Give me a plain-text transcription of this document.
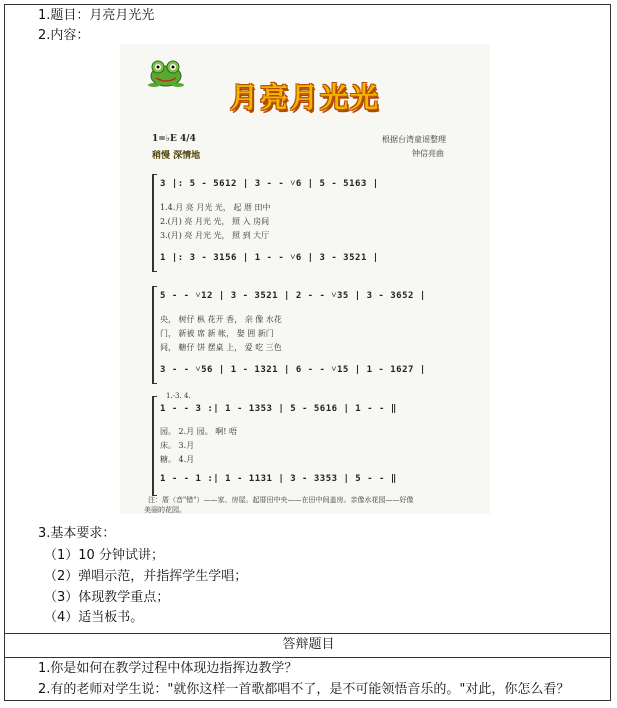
1.题目：月亮月光光
2.内容：
月亮月光光
1=♭E 4/4
稍慢 深情地
根据台湾童谣整理
钟信亮曲
3 |: 5 - 5612 | 3 - - ˅6 | 5 - 5163 |
1.4.月 亮 月光 光， 起 厝 田中
2.(月) 亮 月光 光， 照 入 房间
3.(月) 亮 月光 光， 照 到 大厅
1 |: 3 - 3156 | 1 - - ˅6 | 3 - 3521 |
5 - - ˅12 | 3 - 3521 | 2 - - ˅35 | 3 - 3652 |
央， 树仔 枞 花开 香， 亲 像 水花
门， 新被 席 新 帐， 娶 囲 新门
间， 糖仔 饼 摆桌 上， 爱 吃 三色
3 - - ˅56 | 1 - 1321 | 6 - - ˅15 | 1 - 1627 |
1.-3. 4.
1 - - 3 :| 1 - 1353 | 5 - 5616 | 1 - - ‖
园。 2.月 园。 啊! 唔
床。 3.月
糖。 4.月
1 - - 1 :| 1 - 1131 | 3 - 3353 | 5 - - ‖
注：厝（音"错"）——家、房屋。起厝田中央——在田中间盖房。亲像水花园——好像
美丽的花园。
3.基本要求：
（1）10 分钟试讲；
（2）弹唱示范，并指挥学生学唱；
（3）体现教学重点；
（4）适当板书。
答辩题目
1.你是如何在教学过程中体现边指挥边教学？
2.有的老师对学生说："就你这样一首歌都唱不了，是不可能领悟音乐的。"对此，你怎么看？
